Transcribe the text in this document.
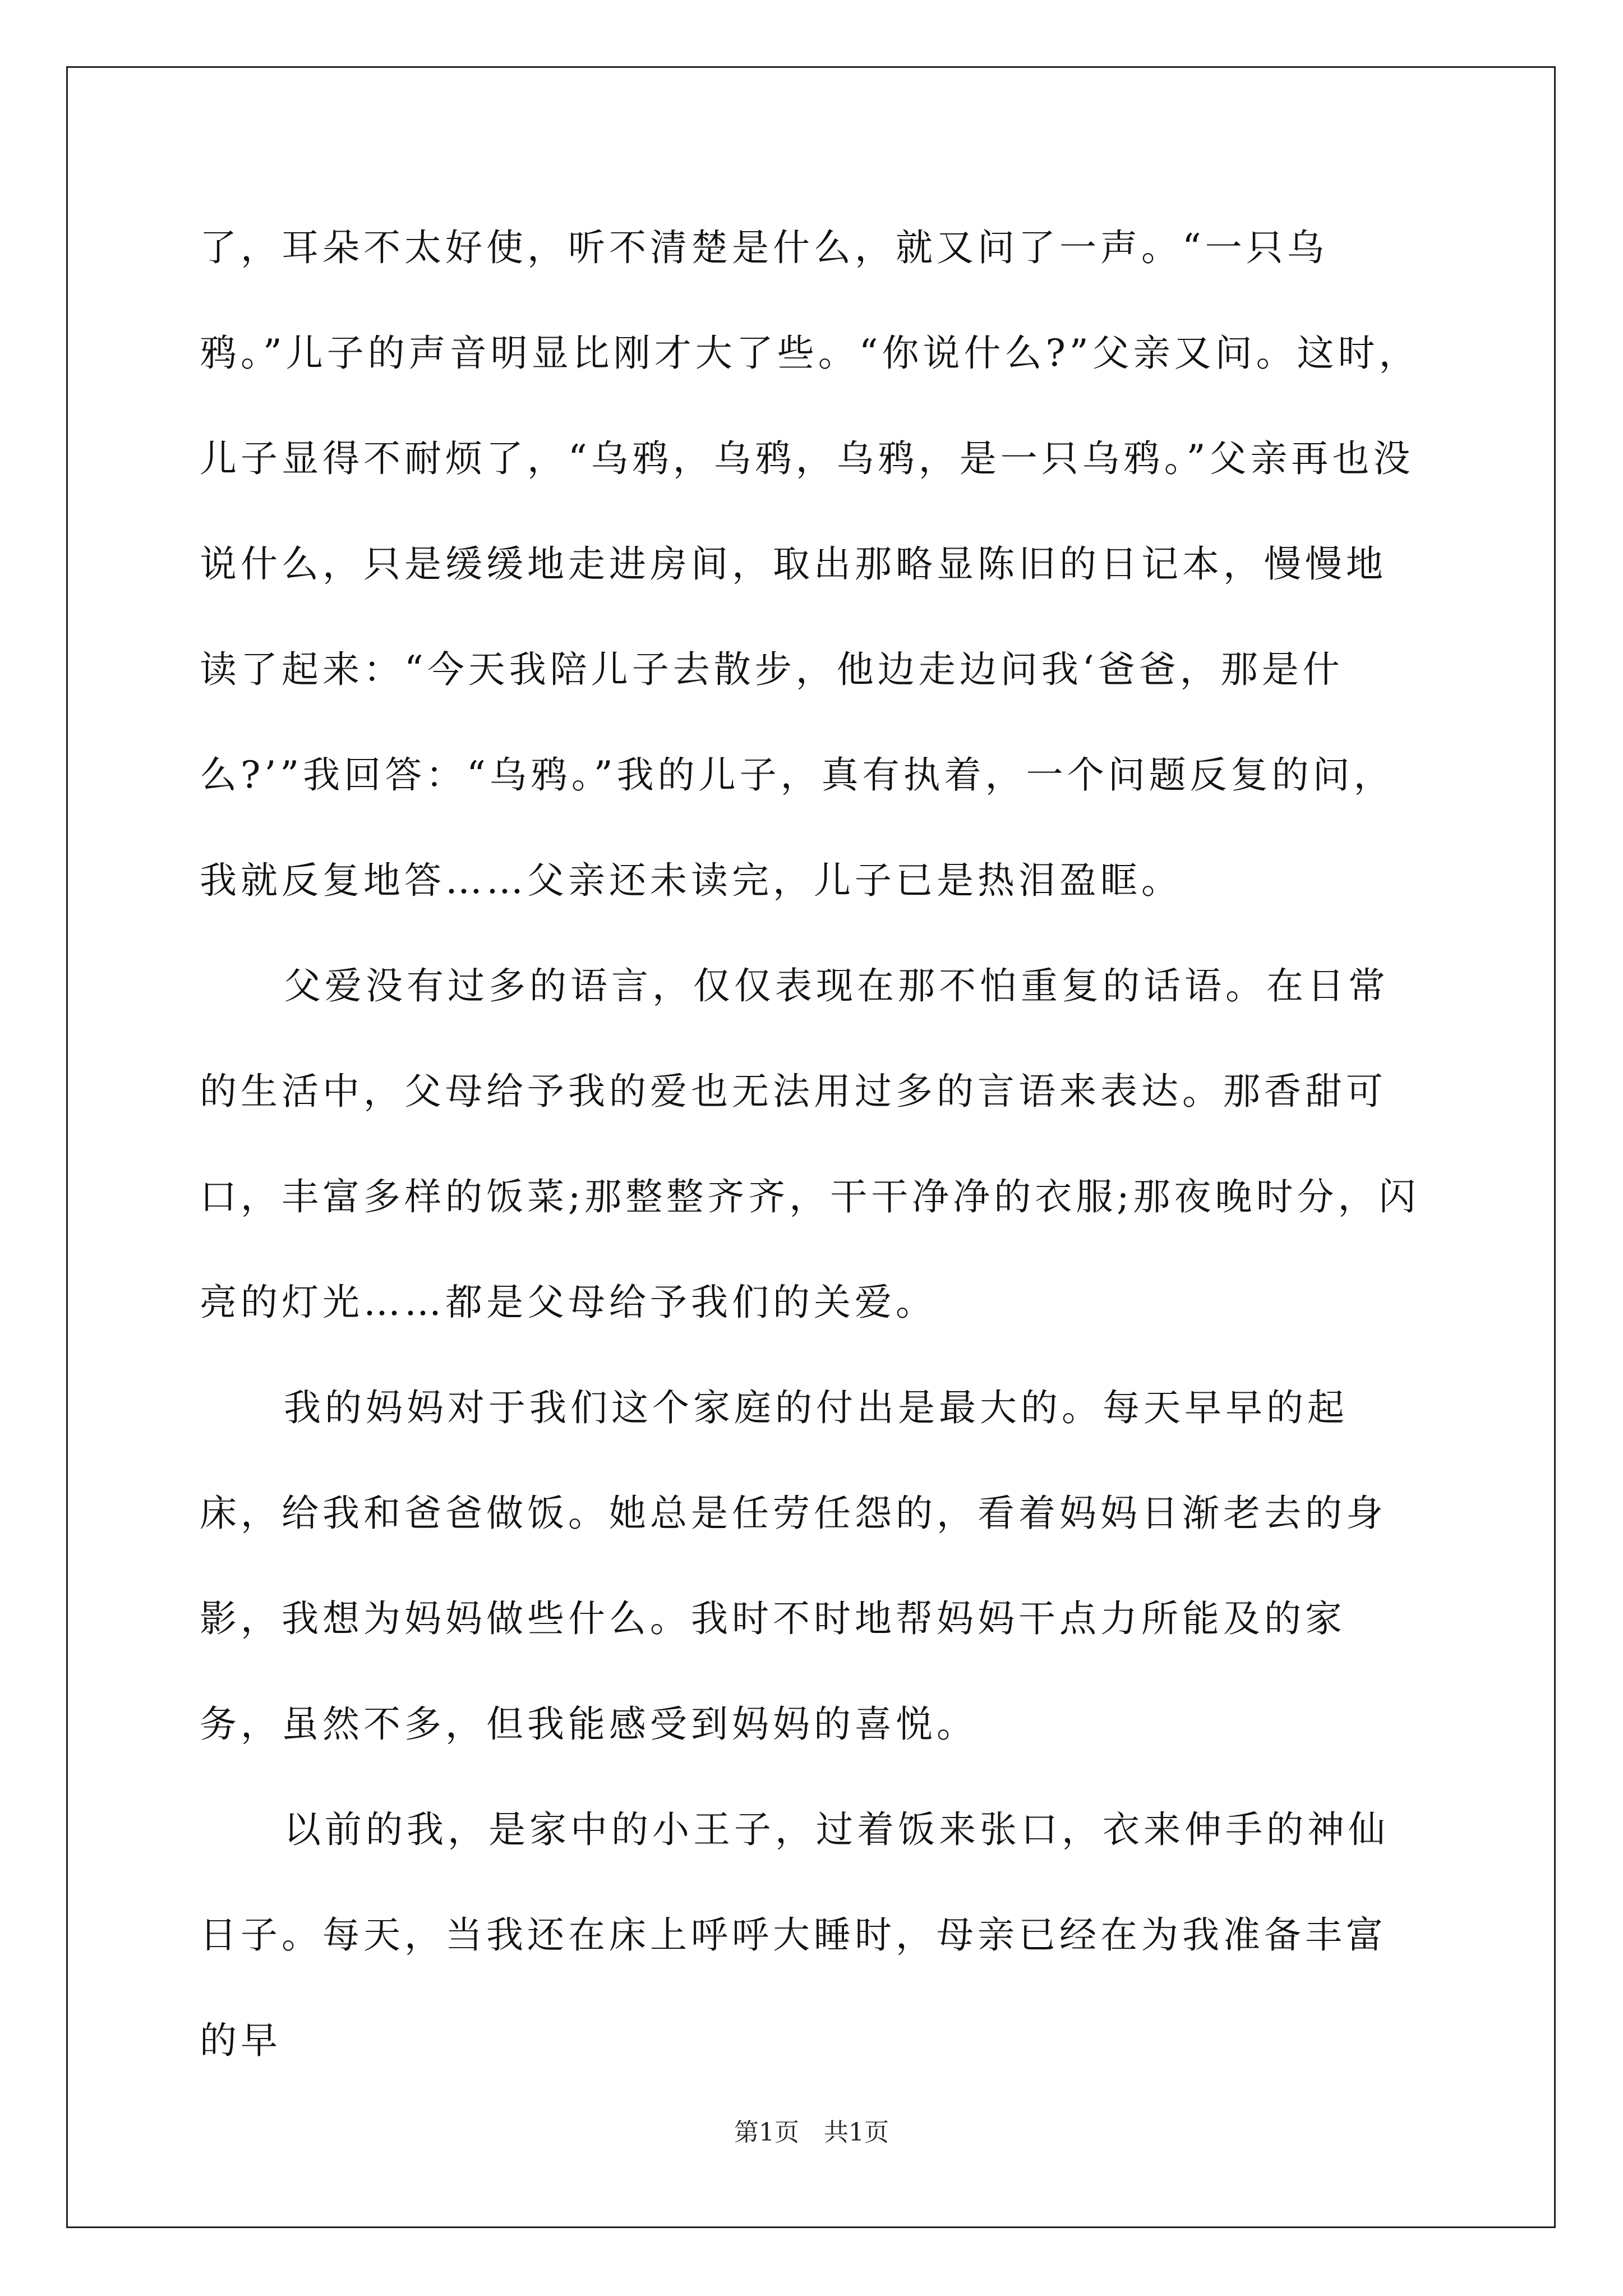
了，耳朵不太好使，听不清楚是什么，就又问了一声。“一只乌鸦。”儿子的声音明显比刚才大了些。“你说什么?”父亲又问。这时，儿子显得不耐烦了，“乌鸦，乌鸦，乌鸦，是一只乌鸦。”父亲再也没说什么，只是缓缓地走进房间，取出那略显陈旧的日记本，慢慢地读了起来：“今天我陪儿子去散步，他边走边问我‘爸爸，那是什么?’”我回答：“乌鸦。”我的儿子，真有执着，一个问题反复的问，我就反复地答……父亲还未读完，儿子已是热泪盈眶。

父爱没有过多的语言，仅仅表现在那不怕重复的话语。在日常的生活中，父母给予我的爱也无法用过多的言语来表达。那香甜可口，丰富多样的饭菜;那整整齐齐，干干净净的衣服;那夜晚时分，闪亮的灯光……都是父母给予我们的关爱。

我的妈妈对于我们这个家庭的付出是最大的。每天早早的起床，给我和爸爸做饭。她总是任劳任怨的，看着妈妈日渐老去的身影，我想为妈妈做些什么。我时不时地帮妈妈干点力所能及的家务，虽然不多，但我能感受到妈妈的喜悦。

以前的我，是家中的小王子，过着饭来张口，衣来伸手的神仙日子。每天，当我还在床上呼呼大睡时，母亲已经在为我准备丰富的早

第1页　共1页
